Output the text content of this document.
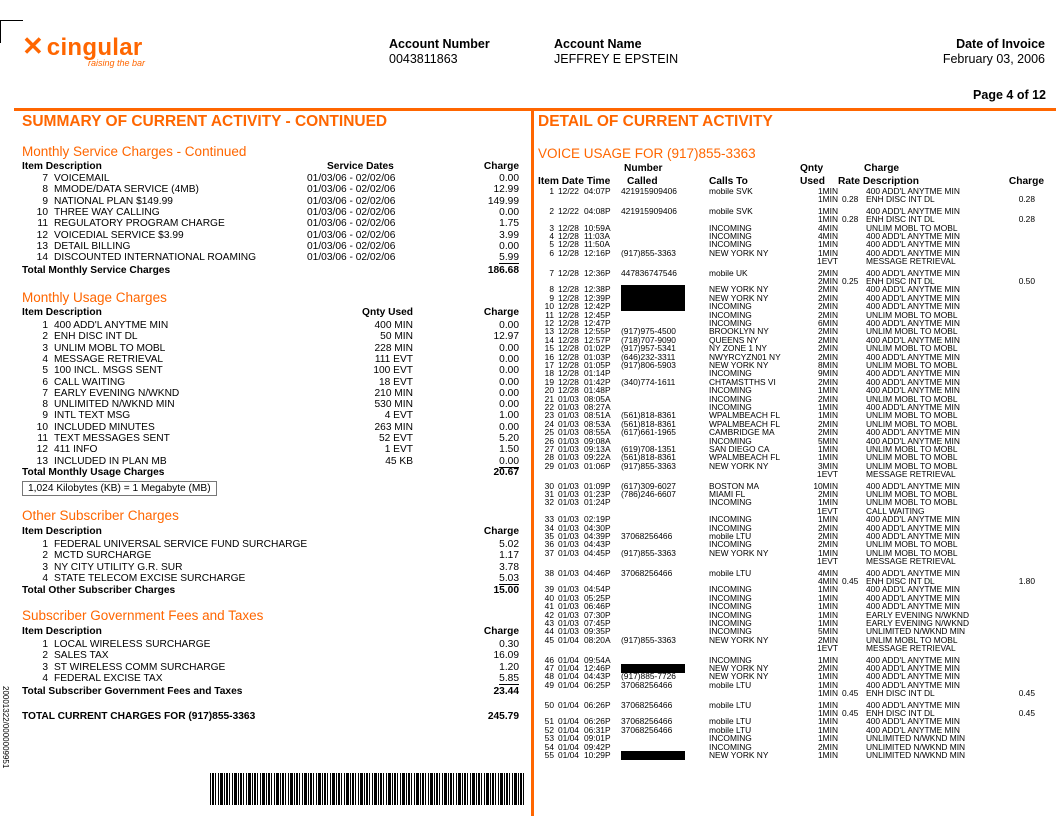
✕ cingular
raising the bar
Account Number
0043811863
Account Name
JEFFREY E EPSTEIN
Date of Invoice
February 03, 2006
Page 4 of 12
SUMMARY OF CURRENT ACTIVITY - CONTINUED
Monthly Service Charges - Continued
Item Description	Service Dates	Charge
7 VOICEMAIL	01/03/06 - 02/02/06	0.00
8 MMODE/DATA SERVICE (4MB)	01/03/06 - 02/02/06	12.99
9 NATIONAL PLAN $149.99	01/03/06 - 02/02/06	149.99
10 THREE WAY CALLING	01/03/06 - 02/02/06	0.00
11 REGULATORY PROGRAM CHARGE	01/03/06 - 02/02/06	1.75
12 VOICEDIAL SERVICE $3.99	01/03/06 - 02/02/06	3.99
13 DETAIL BILLING	01/03/06 - 02/02/06	0.00
14 DISCOUNTED INTERNATIONAL ROAMING	01/03/06 - 02/02/06	5.99
Total Monthly Service Charges	186.68
Monthly Usage Charges
Item Description	Qnty Used	Charge
1 400 ADD'L ANYTME MIN	400 MIN	0.00
2 ENH DISC INT DL	50 MIN	12.97
3 UNLIM MOBL TO MOBL	228 MIN	0.00
4 MESSAGE RETRIEVAL	111 EVT	0.00
5 100 INCL. MSGS SENT	100 EVT	0.00
6 CALL WAITING	18 EVT	0.00
7 EARLY EVENING N/WKND	210 MIN	0.00
8 UNLIMITED N/WKND MIN	530 MIN	0.00
9 INTL TEXT MSG	4 EVT	1.00
10 INCLUDED MINUTES	263 MIN	0.00
11 TEXT MESSAGES SENT	52 EVT	5.20
12 411 INFO	1 EVT	1.50
13 INCLUDED IN PLAN MB	45 KB	0.00
Total Monthly Usage Charges	20.67
1,024 Kilobytes (KB) = 1 Megabyte (MB)
Other Subscriber Charges
Item Description	Charge
1 FEDERAL UNIVERSAL SERVICE FUND SURCHARGE	5.02
2 MCTD SURCHARGE	1.17
3 NY CITY UTILITY G.R. SUR	3.78
4 STATE TELECOM EXCISE SURCHARGE	5.03
Total Other Subscriber Charges	15.00
Subscriber Government Fees and Taxes
Item Description	Charge
1 LOCAL WIRELESS SURCHARGE	0.30
2 SALES TAX	16.09
3 ST WIRELESS COMM SURCHARGE	1.20
4 FEDERAL EXCISE TAX	5.85
Total Subscriber Government Fees and Taxes	23.44
TOTAL CURRENT CHARGES FOR (917)855-3363	245.79
20001322/0000009951
DETAIL OF CURRENT ACTIVITY
VOICE USAGE FOR (917)855-3363
Number	Qnty	Charge
Item Date Time Called	Calls To	Used Rate Description	Charge
1 12/22 04:07P 421915909406	mobile SVK	1MIN	400 ADD'L ANYTME MIN
1MIN 0.28 ENH DISC INT DL	0.28
2 12/22 04:08P 421915909406	mobile SVK	1MIN	400 ADD'L ANYTME MIN
1MIN 0.28 ENH DISC INT DL	0.28
3 12/28 10:59A	INCOMING	4MIN	UNLIM MOBL TO MOBL
4 12/28 11:03A	INCOMING	4MIN	400 ADD'L ANYTME MIN
5 12/28 11:50A	INCOMING	1MIN	400 ADD'L ANYTME MIN
6 12/28 12:16P (917)855-3363	NEW YORK NY	1MIN	400 ADD'L ANYTME MIN
1EVT	MESSAGE RETRIEVAL
7 12/28 12:36P 447836747546	mobile UK	2MIN	400 ADD'L ANYTME MIN
2MIN 0.25 ENH DISC INT DL	0.50
8 12/28 12:38P	NEW YORK NY	2MIN	400 ADD'L ANYTME MIN
9 12/28 12:39P	NEW YORK NY	2MIN	400 ADD'L ANYTME MIN
10 12/28 12:42P	INCOMING	2MIN	400 ADD'L ANYTME MIN
11 12/28 12:45P	INCOMING	2MIN	UNLIM MOBL TO MOBL
12 12/28 12:47P	INCOMING	6MIN	400 ADD'L ANYTME MIN
13 12/28 12:55P (917)975-4500	BROOKLYN NY	2MIN	UNLIM MOBL TO MOBL
14 12/28 12:57P (718)707-9090	QUEENS NY	2MIN	400 ADD'L ANYTME MIN
15 12/28 01:02P (917)957-5341	NY ZONE 1 NY	2MIN	UNLIM MOBL TO MOBL
16 12/28 01:03P (646)232-3311	NWYRCYZN01 NY	2MIN	400 ADD'L ANYTME MIN
17 12/28 01:05P (917)806-5903	NEW YORK NY	8MIN	UNLIM MOBL TO MOBL
18 12/28 01:14P	INCOMING	9MIN	400 ADD'L ANYTME MIN
19 12/28 01:42P (340)774-1611	CHTAMSTTHS VI	2MIN	400 ADD'L ANYTME MIN
20 12/28 01:48P	INCOMING	1MIN	400 ADD'L ANYTME MIN
21 01/03 08:05A	INCOMING	2MIN	UNLIM MOBL TO MOBL
22 01/03 08:27A	INCOMING	1MIN	400 ADD'L ANYTME MIN
23 01/03 08:51A (561)818-8361	WPALMBEACH FL	1MIN	UNLIM MOBL TO MOBL
24 01/03 08:53A (561)818-8361	WPALMBEACH FL	2MIN	UNLIM MOBL TO MOBL
25 01/03 08:55A (617)661-1965	CAMBRIDGE MA	2MIN	400 ADD'L ANYTME MIN
26 01/03 09:08A	INCOMING	5MIN	400 ADD'L ANYTME MIN
27 01/03 09:13A (619)708-1351	SAN DIEGO CA	1MIN	UNLIM MOBL TO MOBL
28 01/03 09:22A (561)818-8361	WPALMBEACH FL	1MIN	UNLIM MOBL TO MOBL
29 01/03 01:06P (917)855-3363	NEW YORK NY	3MIN	UNLIM MOBL TO MOBL
1EVT	MESSAGE RETRIEVAL
30 01/03 01:09P (617)309-6027	BOSTON MA	10MIN	400 ADD'L ANYTME MIN
31 01/03 01:23P (786)246-6607	MIAMI FL	2MIN	UNLIM MOBL TO MOBL
32 01/03 01:24P	INCOMING	1MIN	UNLIM MOBL TO MOBL
1EVT	CALL WAITING
33 01/03 02:19P	INCOMING	1MIN	400 ADD'L ANYTME MIN
34 01/03 04:30P	INCOMING	2MIN	400 ADD'L ANYTME MIN
35 01/03 04:39P 37068256466	mobile LTU	2MIN	400 ADD'L ANYTME MIN
36 01/03 04:43P	INCOMING	2MIN	UNLIM MOBL TO MOBL
37 01/03 04:45P (917)855-3363	NEW YORK NY	1MIN	UNLIM MOBL TO MOBL
1EVT	MESSAGE RETRIEVAL
38 01/03 04:46P 37068256466	mobile LTU	4MIN	400 ADD'L ANYTME MIN
4MIN 0.45 ENH DISC INT DL	1.80
39 01/03 04:54P	INCOMING	1MIN	400 ADD'L ANYTME MIN
40 01/03 05:25P	INCOMING	1MIN	400 ADD'L ANYTME MIN
41 01/03 06:46P	INCOMING	1MIN	400 ADD'L ANYTME MIN
42 01/03 07:30P	INCOMING	1MIN	EARLY EVENING N/WKND
43 01/03 07:45P	INCOMING	1MIN	EARLY EVENING N/WKND
44 01/03 09:35P	INCOMING	5MIN	UNLIMITED N/WKND MIN
45 01/04 08:20A (917)855-3363	NEW YORK NY	2MIN	UNLIM MOBL TO MOBL
1EVT	MESSAGE RETRIEVAL
46 01/04 09:54A	INCOMING	1MIN	400 ADD'L ANYTME MIN
47 01/04 12:46P	NEW YORK NY	2MIN	400 ADD'L ANYTME MIN
48 01/04 04:43P (917)885-7726	NEW YORK NY	1MIN	400 ADD'L ANYTME MIN
49 01/04 06:25P 37068256466	mobile LTU	1MIN	400 ADD'L ANYTME MIN
1MIN 0.45 ENH DISC INT DL	0.45
50 01/04 06:26P 37068256466	mobile LTU	1MIN	400 ADD'L ANYTME MIN
1MIN 0.45 ENH DISC INT DL	0.45
51 01/04 06:26P 37068256466	mobile LTU	1MIN	400 ADD'L ANYTME MIN
52 01/04 06:31P 37068256466	mobile LTU	1MIN	400 ADD'L ANYTME MIN
53 01/04 09:01P	INCOMING	1MIN	UNLIMITED N/WKND MIN
54 01/04 09:42P	INCOMING	2MIN	UNLIMITED N/WKND MIN
55 01/04 10:29P	NEW YORK NY	1MIN	UNLIMITED N/WKND MIN
